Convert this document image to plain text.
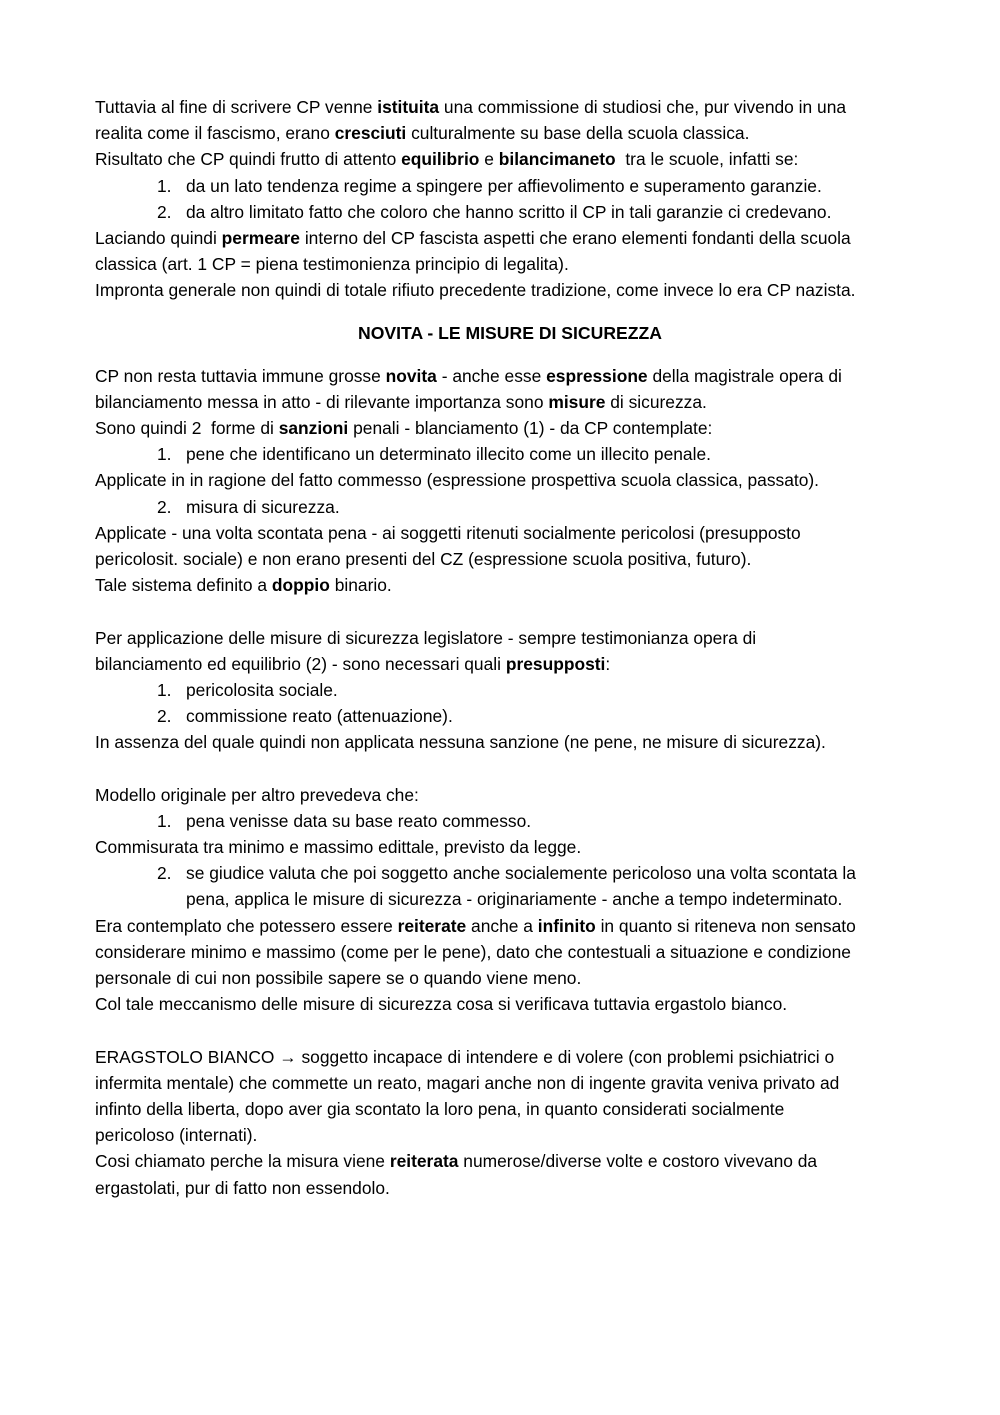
Tuttavia al fine di scrivere CP venne istituita una commissione di studiosi che, pur vivendo in una
realita come il fascismo, erano cresciuti culturalmente su base della scuola classica.
Risultato che CP quindi frutto di attento equilibrio e bilancimaneto  tra le scuole, infatti se:
1. da un lato tendenza regime a spingere per affievolimento e superamento garanzie.
2. da altro limitato fatto che coloro che hanno scritto il CP in tali garanzie ci credevano.
Laciando quindi permeare interno del CP fascista aspetti che erano elementi fondanti della scuola
classica (art. 1 CP = piena testimonienza principio di legalita).
Impronta generale non quindi di totale rifiuto precedente tradizione, come invece lo era CP nazista.
NOVITA - LE MISURE DI SICUREZZA
CP non resta tuttavia immune grosse novita - anche esse espressione della magistrale opera di
bilanciamento messa in atto - di rilevante importanza sono misure di sicurezza.
Sono quindi 2  forme di sanzioni penali - blanciamento (1) - da CP contemplate:
1. pene che identificano un determinato illecito come un illecito penale.
Applicate in in ragione del fatto commesso (espressione prospettiva scuola classica, passato).
2. misura di sicurezza.
Applicate - una volta scontata pena - ai soggetti ritenuti socialmente pericolosi (presupposto
pericolosit. sociale) e non erano presenti del CZ (espressione scuola positiva, futuro).
Tale sistema definito a doppio binario.
Per applicazione delle misure di sicurezza legislatore - sempre testimonianza opera di
bilanciamento ed equilibrio (2) - sono necessari quali presupposti:
1. pericolosita sociale.
2. commissione reato (attenuazione).
In assenza del quale quindi non applicata nessuna sanzione (ne pene, ne misure di sicurezza).
Modello originale per altro prevedeva che:
1. pena venisse data su base reato commesso.
Commisurata tra minimo e massimo edittale, previsto da legge.
2. se giudice valuta che poi soggetto anche socialemente pericoloso una volta scontata la
pena, applica le misure di sicurezza - originariamente - anche a tempo indeterminato.
Era contemplato che potessero essere reiterate anche a infinito in quanto si riteneva non sensato
considerare minimo e massimo (come per le pene), dato che contestuali a situazione e condizione
personale di cui non possibile sapere se o quando viene meno.
Col tale meccanismo delle misure di sicurezza cosa si verificava tuttavia ergastolo bianco.
ERAGSTOLO BIANCO → soggetto incapace di intendere e di volere (con problemi psichiatrici o
infermita mentale) che commette un reato, magari anche non di ingente gravita veniva privato ad
infinto della liberta, dopo aver gia scontato la loro pena, in quanto considerati socialmente
pericoloso (internati).
Cosi chiamato perche la misura viene reiterata numerose/diverse volte e costoro vivevano da
ergastolati, pur di fatto non essendolo.
